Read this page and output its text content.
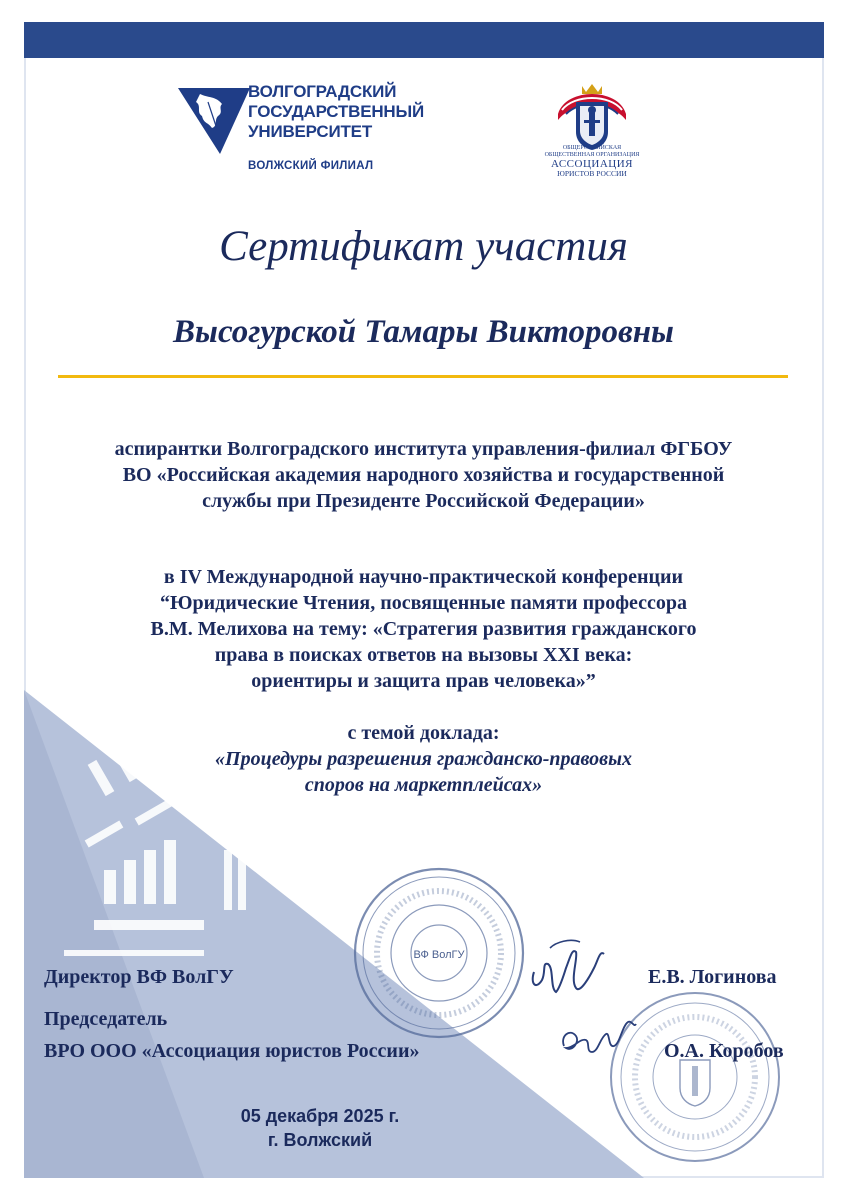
ВОЛГОГРАДСКИЙ
ГОСУДАРСТВЕННЫЙ
УНИВЕРСИТЕТ
ВОЛЖСКИЙ ФИЛИАЛ
ОБЩЕРОССИЙСКАЯ
ОБЩЕСТВЕННАЯ ОРГАНИЗАЦИЯ
АССОЦИАЦИЯ
ЮРИСТОВ РОССИИ
Сертификат участия
Высогурской Тамары Викторовны
аспирантки Волгоградского института управления-филиал ФГБОУ
ВО «Российская академия народного хозяйства и государственной
службы при Президенте Российской Федерации»
в IV Международной научно-практической конференции
“Юридические Чтения, посвященные памяти профессора
В.М. Мелихова на тему: «Стратегия развития гражданского
права в поисках ответов на вызовы XXI века:
ориентиры и защита прав человека»”
с темой доклада:
«Процедуры разрешения гражданско-правовых
споров на маркетплейсах»
ВФ ВолГУ
Директор ВФ ВолГУ	Е.В. Логинова
Председатель
ВРО ООО «Ассоциация юристов России»	О.А. Коробов
05 декабря 2025 г.
г. Волжский
